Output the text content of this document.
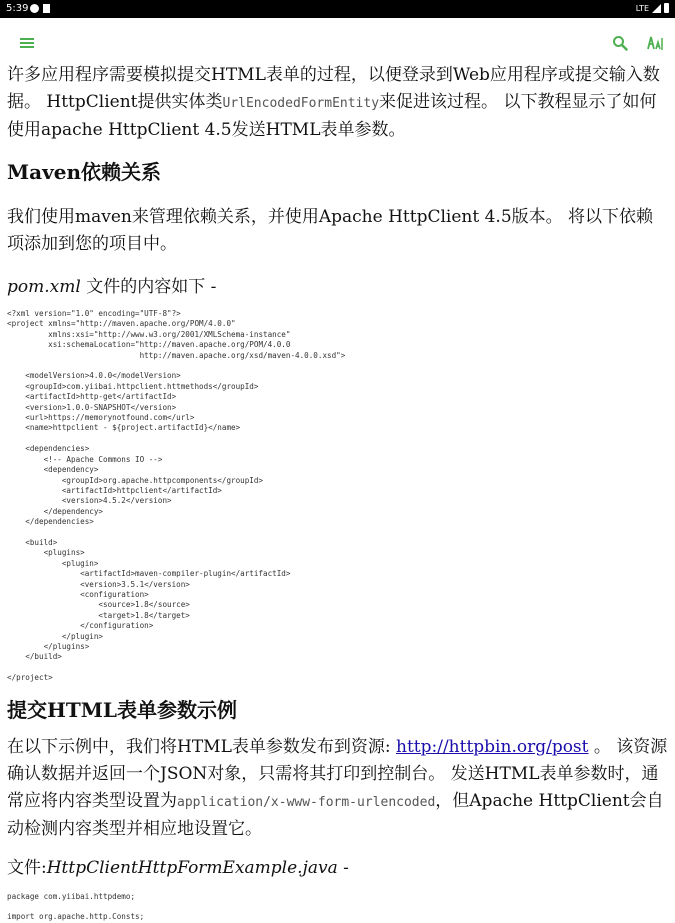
5:39	LTE

许多应用程序需要模拟提交HTML表单的过程，以便登录到Web应用程序或提交输入数据。 HttpClient提供实体类UrlEncodedFormEntity来促进该过程。 以下教程显示了如何使用apache HttpClient 4.5发送HTML表单参数。

Maven依赖关系

我们使用maven来管理依赖关系，并使用Apache HttpClient 4.5版本。 将以下依赖项添加到您的项目中。

pom.xml 文件的内容如下 -

<?xml version="1.0" encoding="UTF-8"?>
<project xmlns="http://maven.apache.org/POM/4.0.0"
xmlns:xsi="http://www.w3.org/2001/XMLSchema-instance"
xsi:schemaLocation="http://maven.apache.org/POM/4.0.0
http://maven.apache.org/xsd/maven-4.0.0.xsd">

<modelVersion>4.0.0</modelVersion>
<groupId>com.yiibai.httpclient.httmethods</groupId>
<artifactId>http-get</artifactId>
<version>1.0.0-SNAPSHOT</version>
<url>https://memorynotfound.com</url>
<name>httpclient - ${project.artifactId}</name>

<dependencies>
<!-- Apache Commons IO -->
<dependency>
<groupId>org.apache.httpcomponents</groupId>
<artifactId>httpclient</artifactId>
<version>4.5.2</version>
</dependency>
</dependencies>

<build>
<plugins>
<plugin>
<artifactId>maven-compiler-plugin</artifactId>
<version>3.5.1</version>
<configuration>
<source>1.8</source>
<target>1.8</target>
</configuration>
</plugin>
</plugins>
</build>

</project>
提交HTML表单参数示例

在以下示例中，我们将HTML表单参数发布到资源: http://httpbin.org/post 。 该资源确认数据并返回一个JSON对象，只需将其打印到控制台。 发送HTML表单参数时，通常应将内容类型设置为application/x-www-form-urlencoded，但Apache HttpClient会自动检测内容类型并相应地设置它。

文件:HttpClientHttpFormExample.java -

package com.yiibai.httpdemo;

import org.apache.http.Consts;
